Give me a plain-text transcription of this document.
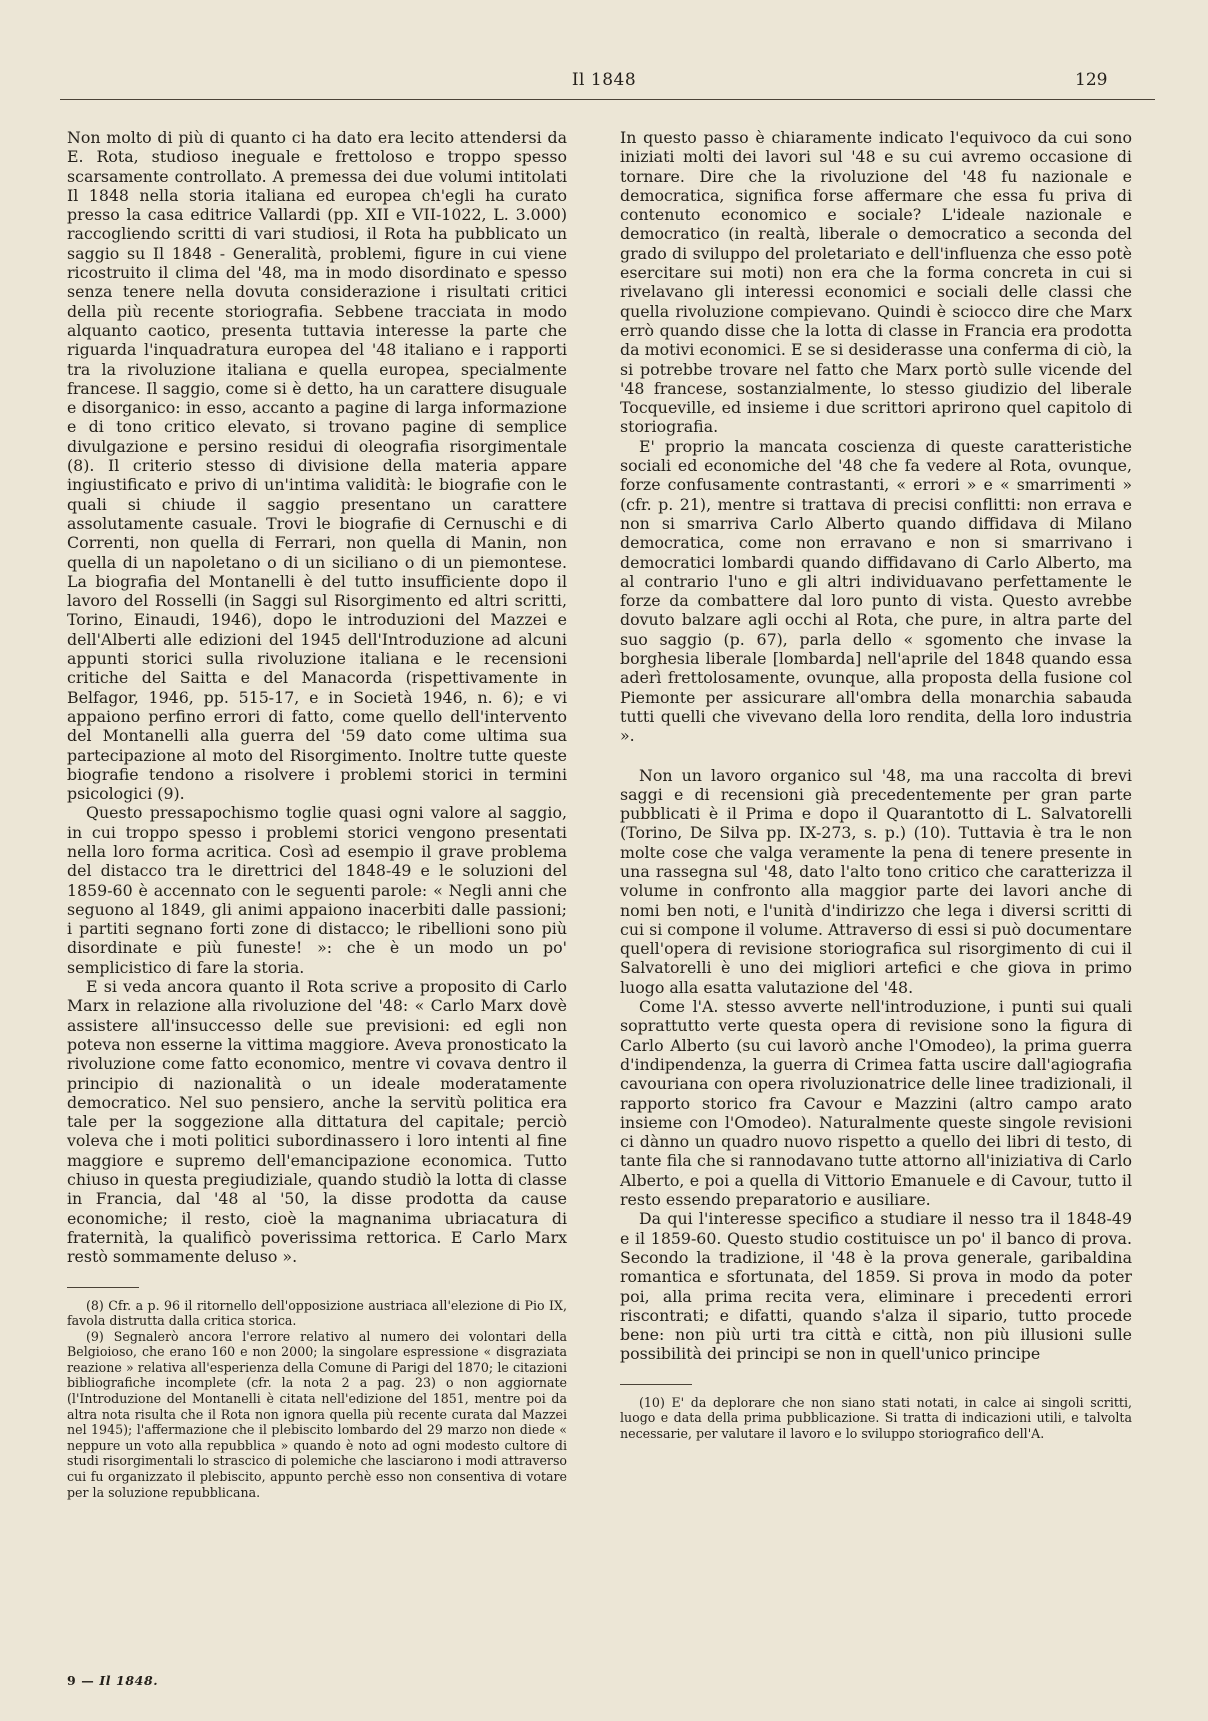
Il 1848	129

Non molto di più di quanto ci ha dato era lecito attendersi da E. Rota, studioso ineguale e frettoloso e troppo spesso scarsamente controllato. A premessa dei due volumi intitolati Il 1848 nella storia italiana ed europea ch'egli ha curato presso la casa editrice Vallardi (pp. XII e VII-1022, L. 3.000) raccogliendo scritti di vari studiosi, il Rota ha pubblicato un saggio su Il 1848 - Generalità, problemi, figure in cui viene ricostruito il clima del '48, ma in modo disordinato e spesso senza tenere nella dovuta considerazione i risultati critici della più recente storiografia. Sebbene tracciata in modo alquanto caotico, presenta tuttavia interesse la parte che riguarda l'inquadratura europea del '48 italiano e i rapporti tra la rivoluzione italiana e quella europea, specialmente francese. Il saggio, come si è detto, ha un carattere disuguale e disorganico: in esso, accanto a pagine di larga informazione e di tono critico elevato, si trovano pagine di semplice divulgazione e persino residui di oleografia risorgimentale (8). Il criterio stesso di divisione della materia appare ingiustificato e privo di un'intima validità: le biografie con le quali si chiude il saggio presentano un carattere assolutamente casuale. Trovi le biografie di Cernuschi e di Correnti, non quella di Ferrari, non quella di Manin, non quella di un napoletano o di un siciliano o di un piemontese. La biografia del Montanelli è del tutto insufficiente dopo il lavoro del Rosselli (in Saggi sul Risorgimento ed altri scritti, Torino, Einaudi, 1946), dopo le introduzioni del Mazzei e dell'Alberti alle edizioni del 1945 dell'Introduzione ad alcuni appunti storici sulla rivoluzione italiana e le recensioni critiche del Saitta e del Manacorda (rispettivamente in Belfagor, 1946, pp. 515-17, e in Società 1946, n. 6); e vi appaiono perfino errori di fatto, come quello dell'intervento del Montanelli alla guerra del '59 dato come ultima sua partecipazione al moto del Risorgimento. Inoltre tutte queste biografie tendono a risolvere i problemi storici in termini psicologici (9).

Questo pressapochismo toglie quasi ogni valore al saggio, in cui troppo spesso i problemi storici vengono presentati nella loro forma acritica. Così ad esempio il grave problema del distacco tra le direttrici del 1848-49 e le soluzioni del 1859-60 è accennato con le seguenti parole: « Negli anni che seguono al 1849, gli animi appaiono inacerbiti dalle passioni; i partiti segnano forti zone di distacco; le ribellioni sono più disordinate e più funeste! »: che è un modo un po' semplicistico di fare la storia.

E si veda ancora quanto il Rota scrive a proposito di Carlo Marx in relazione alla rivoluzione del '48: « Carlo Marx dovè assistere all'insuccesso delle sue previsioni: ed egli non poteva non esserne la vittima maggiore. Aveva pronosticato la rivoluzione come fatto economico, mentre vi covava dentro il principio di nazionalità o un ideale moderatamente democratico. Nel suo pensiero, anche la servitù politica era tale per la soggezione alla dittatura del capitale; perciò voleva che i moti politici subordinassero i loro intenti al fine maggiore e supremo dell'emancipazione economica. Tutto chiuso in questa pregiudiziale, quando studiò la lotta di classe in Francia, dal '48 al '50, la disse prodotta da cause economiche; il resto, cioè la magnanima ubriacatura di fraternità, la qualificò poverissima rettorica. E Carlo Marx restò sommamente deluso ».

(8) Cfr. a p. 96 il ritornello dell'opposizione austriaca all'elezione di Pio IX, favola distrutta dalla critica storica.

(9) Segnalerò ancora l'errore relativo al numero dei volontari della Belgioioso, che erano 160 e non 2000; la singolare espressione « disgraziata reazione » relativa all'esperienza della Comune di Parigi del 1870; le citazioni bibliografiche incomplete (cfr. la nota 2 a pag. 23) o non aggiornate (l'Introduzione del Montanelli è citata nell'edizione del 1851, mentre poi da altra nota risulta che il Rota non ignora quella più recente curata dal Mazzei nel 1945); l'affermazione che il plebiscito lombardo del 29 marzo non diede « neppure un voto alla repubblica » quando è noto ad ogni modesto cultore di studi risorgimentali lo strascico di polemiche che lasciarono i modi attraverso cui fu organizzato il plebiscito, appunto perchè esso non consentiva di votare per la soluzione repubblicana.

In questo passo è chiaramente indicato l'equivoco da cui sono iniziati molti dei lavori sul '48 e su cui avremo occasione di tornare. Dire che la rivoluzione del '48 fu nazionale e democratica, significa forse affermare che essa fu priva di contenuto economico e sociale? L'ideale nazionale e democratico (in realtà, liberale o democratico a seconda del grado di sviluppo del proletariato e dell'influenza che esso potè esercitare sui moti) non era che la forma concreta in cui si rivelavano gli interessi economici e sociali delle classi che quella rivoluzione compievano. Quindi è sciocco dire che Marx errò quando disse che la lotta di classe in Francia era prodotta da motivi economici. E se si desiderasse una conferma di ciò, la si potrebbe trovare nel fatto che Marx portò sulle vicende del '48 francese, sostanzialmente, lo stesso giudizio del liberale Tocqueville, ed insieme i due scrittori aprirono quel capitolo di storiografia.

E' proprio la mancata coscienza di queste caratteristiche sociali ed economiche del '48 che fa vedere al Rota, ovunque, forze confusamente contrastanti, « errori » e « smarrimenti » (cfr. p. 21), mentre si trattava di precisi conflitti: non errava e non si smarriva Carlo Alberto quando diffidava di Milano democratica, come non erravano e non si smarrivano i democratici lombardi quando diffidavano di Carlo Alberto, ma al contrario l'uno e gli altri individuavano perfettamente le forze da combattere dal loro punto di vista. Questo avrebbe dovuto balzare agli occhi al Rota, che pure, in altra parte del suo saggio (p. 67), parla dello « sgomento che invase la borghesia liberale [lombarda] nell'aprile del 1848 quando essa aderì frettolosamente, ovunque, alla proposta della fusione col Piemonte per assicurare all'ombra della monarchia sabauda tutti quelli che vivevano della loro rendita, della loro industria ».

Non un lavoro organico sul '48, ma una raccolta di brevi saggi e di recensioni già precedentemente per gran parte pubblicati è il Prima e dopo il Quarantotto di L. Salvatorelli (Torino, De Silva pp. IX-273, s. p.) (10). Tuttavia è tra le non molte cose che valga veramente la pena di tenere presente in una rassegna sul '48, dato l'alto tono critico che caratterizza il volume in confronto alla maggior parte dei lavori anche di nomi ben noti, e l'unità d'indirizzo che lega i diversi scritti di cui si compone il volume. Attraverso di essi si può documentare quell'opera di revisione storiografica sul risorgimento di cui il Salvatorelli è uno dei migliori artefici e che giova in primo luogo alla esatta valutazione del '48.

Come l'A. stesso avverte nell'introduzione, i punti sui quali soprattutto verte questa opera di revisione sono la figura di Carlo Alberto (su cui lavorò anche l'Omodeo), la prima guerra d'indipendenza, la guerra di Crimea fatta uscire dall'agiografia cavouriana con opera rivoluzionatrice delle linee tradizionali, il rapporto storico fra Cavour e Mazzini (altro campo arato insieme con l'Omodeo). Naturalmente queste singole revisioni ci dànno un quadro nuovo rispetto a quello dei libri di testo, di tante fila che si rannodavano tutte attorno all'iniziativa di Carlo Alberto, e poi a quella di Vittorio Emanuele e di Cavour, tutto il resto essendo preparatorio e ausiliare.

Da qui l'interesse specifico a studiare il nesso tra il 1848-49 e il 1859-60. Questo studio costituisce un po' il banco di prova. Secondo la tradizione, il '48 è la prova generale, garibaldina romantica e sfortunata, del 1859. Si prova in modo da poter poi, alla prima recita vera, eliminare i precedenti errori riscontrati; e difatti, quando s'alza il sipario, tutto procede bene: non più urti tra città e città, non più illusioni sulle possibilità dei principi se non in quell'unico principe

(10) E' da deplorare che non siano stati notati, in calce ai singoli scritti, luogo e data della prima pubblicazione. Si tratta di indicazioni utili, e talvolta necessarie, per valutare il lavoro e lo sviluppo storiografico dell'A.

9 — Il 1848.
